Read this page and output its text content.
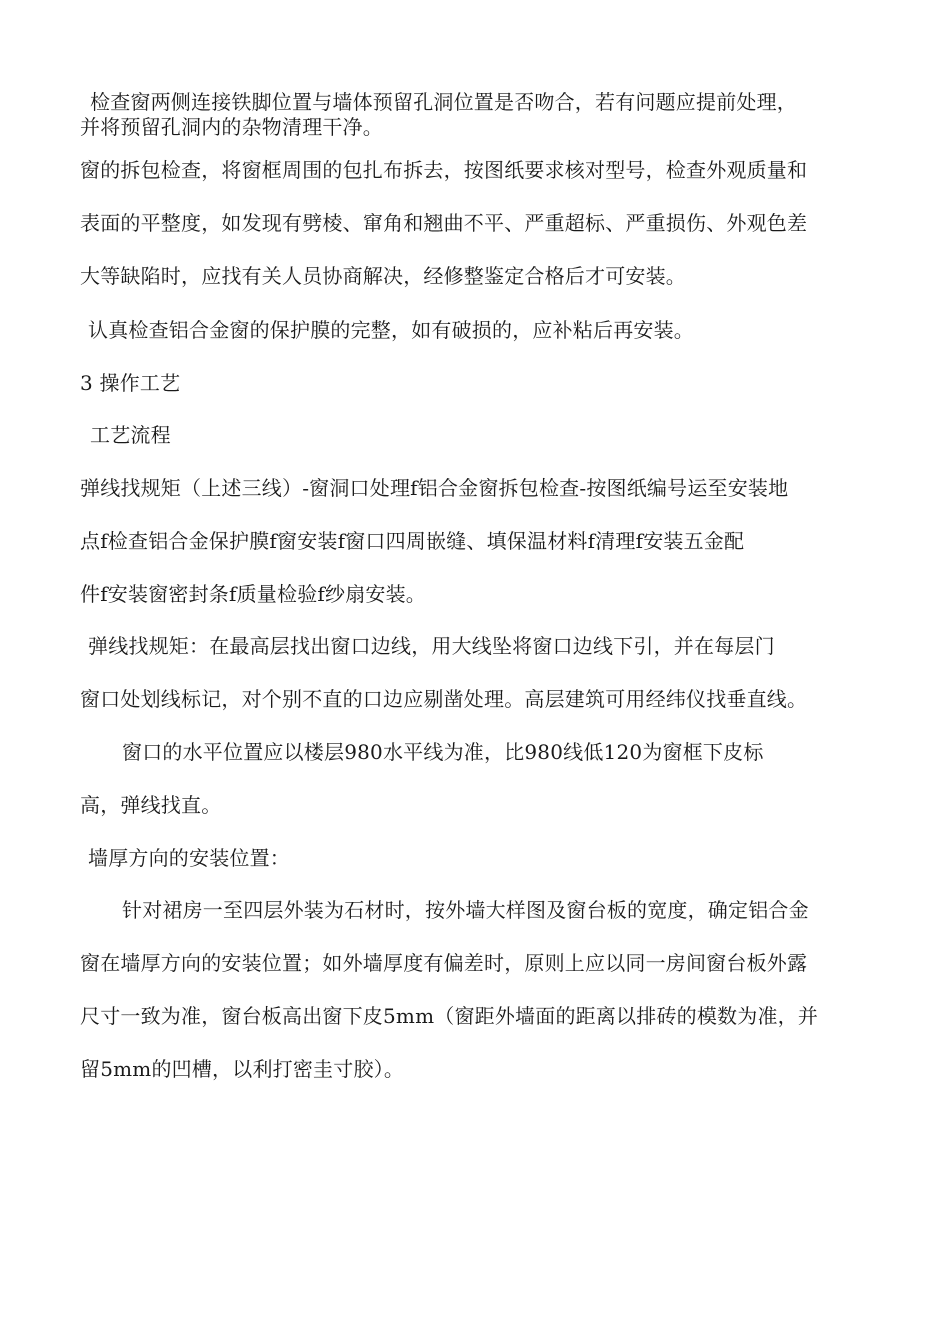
检查窗两侧连接铁脚位置与墙体预留孔洞位置是否吻合，若有问题应提前处理，
并将预留孔洞内的杂物清理干净。
窗的拆包检查，将窗框周围的包扎布拆去，按图纸要求核对型号，检查外观质量和
表面的平整度，如发现有劈棱、窜角和翘曲不平、严重超标、严重损伤、外观色差
大等缺陷时，应找有关人员协商解决，经修整鉴定合格后才可安装。
认真检查铝合金窗的保护膜的完整，如有破损的，应补粘后再安装。
3 操作工艺
工艺流程
弹线找规矩（上述三线）-窗洞口处理f铝合金窗拆包检查-按图纸编号运至安装地
点f检查铝合金保护膜f窗安装f窗口四周嵌缝、填保温材料f清理f安装五金配
件f安装窗密封条f质量检验f纱扇安装。
弹线找规矩：在最高层找出窗口边线，用大线坠将窗口边线下引，并在每层门
窗口处划线标记，对个别不直的口边应剔凿处理。高层建筑可用经纬仪找垂直线。
窗口的水平位置应以楼层980水平线为准，比980线低120为窗框下皮标
高，弹线找直。
墙厚方向的安装位置：
针对裙房一至四层外装为石材时，按外墙大样图及窗台板的宽度，确定铝合金
窗在墙厚方向的安装位置；如外墙厚度有偏差时，原则上应以同一房间窗台板外露
尺寸一致为准，窗台板高出窗下皮5mm（窗距外墙面的距离以排砖的模数为准，并
留5mm的凹槽，以利打密圭寸胶）。
